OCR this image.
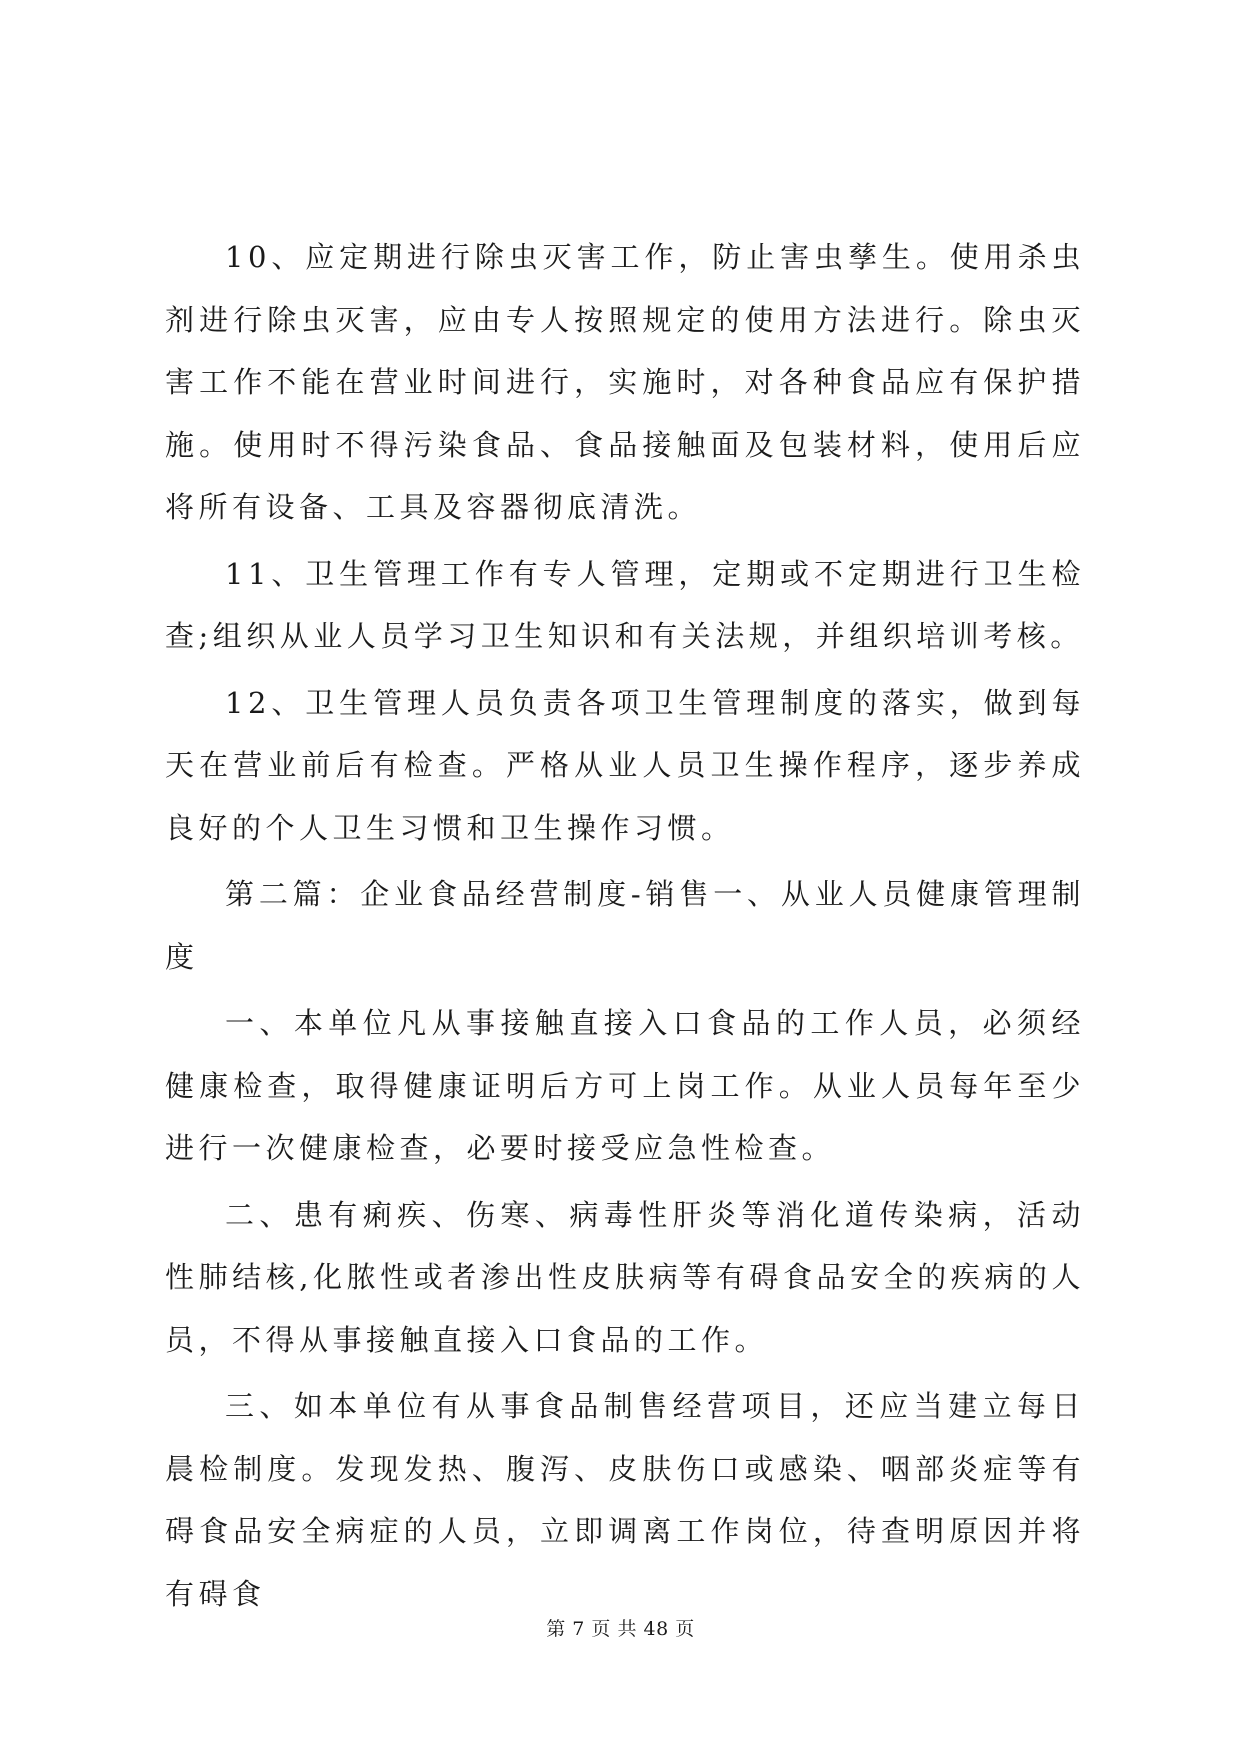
10、应定期进行除虫灭害工作，防止害虫孳生。使用杀虫剂进行除虫灭害，应由专人按照规定的使用方法进行。除虫灭害工作不能在营业时间进行，实施时，对各种食品应有保护措施。使用时不得污染食品、食品接触面及包装材料，使用后应将所有设备、工具及容器彻底清洗。

11、卫生管理工作有专人管理，定期或不定期进行卫生检查;组织从业人员学习卫生知识和有关法规，并组织培训考核。

12、卫生管理人员负责各项卫生管理制度的落实，做到每天在营业前后有检查。严格从业人员卫生操作程序，逐步养成良好的个人卫生习惯和卫生操作习惯。

第二篇：企业食品经营制度-销售一、从业人员健康管理制度

一、本单位凡从事接触直接入口食品的工作人员，必须经健康检查，取得健康证明后方可上岗工作。从业人员每年至少进行一次健康检查，必要时接受应急性检查。

二、患有痢疾、伤寒、病毒性肝炎等消化道传染病，活动性肺结核,化脓性或者渗出性皮肤病等有碍食品安全的疾病的人员，不得从事接触直接入口食品的工作。

三、如本单位有从事食品制售经营项目，还应当建立每日晨检制度。发现发热、腹泻、皮肤伤口或感染、咽部炎症等有碍食品安全病症的人员，立即调离工作岗位，待查明原因并将有碍食

第 7 页 共 48 页
